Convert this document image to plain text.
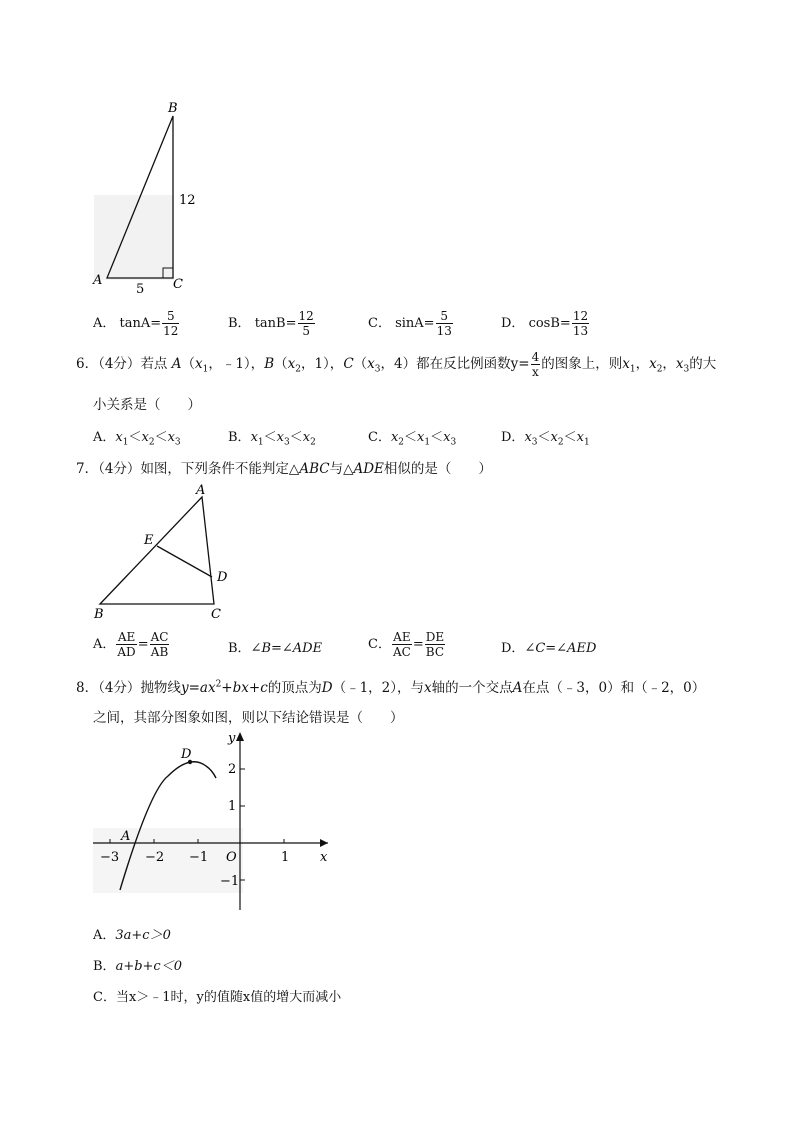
B
A	C
12
5
A． $\tan A= \frac{5}{12}$	B． $\tan B= \frac{12}{5}$	C． $\sin A= \frac{5}{13}$	D． $\cos B= \frac{12}{13}$
6．（4分）若点 $A(x_1$，﹣1），$B(x_2$，1），$C(x_3$，4）都在反比例函数$y= \frac{4}{x}$ 的图象上，则$x_1$，$x_2$，$x_3$的大
小关系是（　　）
A．$x_1<x_2<x_3$	B．$x_1<x_3<x_2$	C．$x_2<x_1<x_3$	D．$x_3<x_2<x_1$
7．（4分）如图，下列条件不能判定△ABC与△ADE相似的是（　　）
A
E
D
B	C
A． $\frac{AE}{AD} = \frac{AC}{AB}$	B．∠B=∠ADE	C． $\frac{AE}{AC} = \frac{DE}{BC}$	D．∠C=∠AED
8．（4分）抛物线$y=ax^2+bx+c$的顶点为D（﹣1，2），与x轴的一个交点A在点（﹣3，0）和（﹣2，0）
之间，其部分图象如图，则以下结论错误是（　　）
D
A
y
x
O
−3 −2 −1	1
2
1
−1
A．3a+c＞0
B．a+b+c＜0
C．当x＞﹣1时，y的值随x值的增大而减小
